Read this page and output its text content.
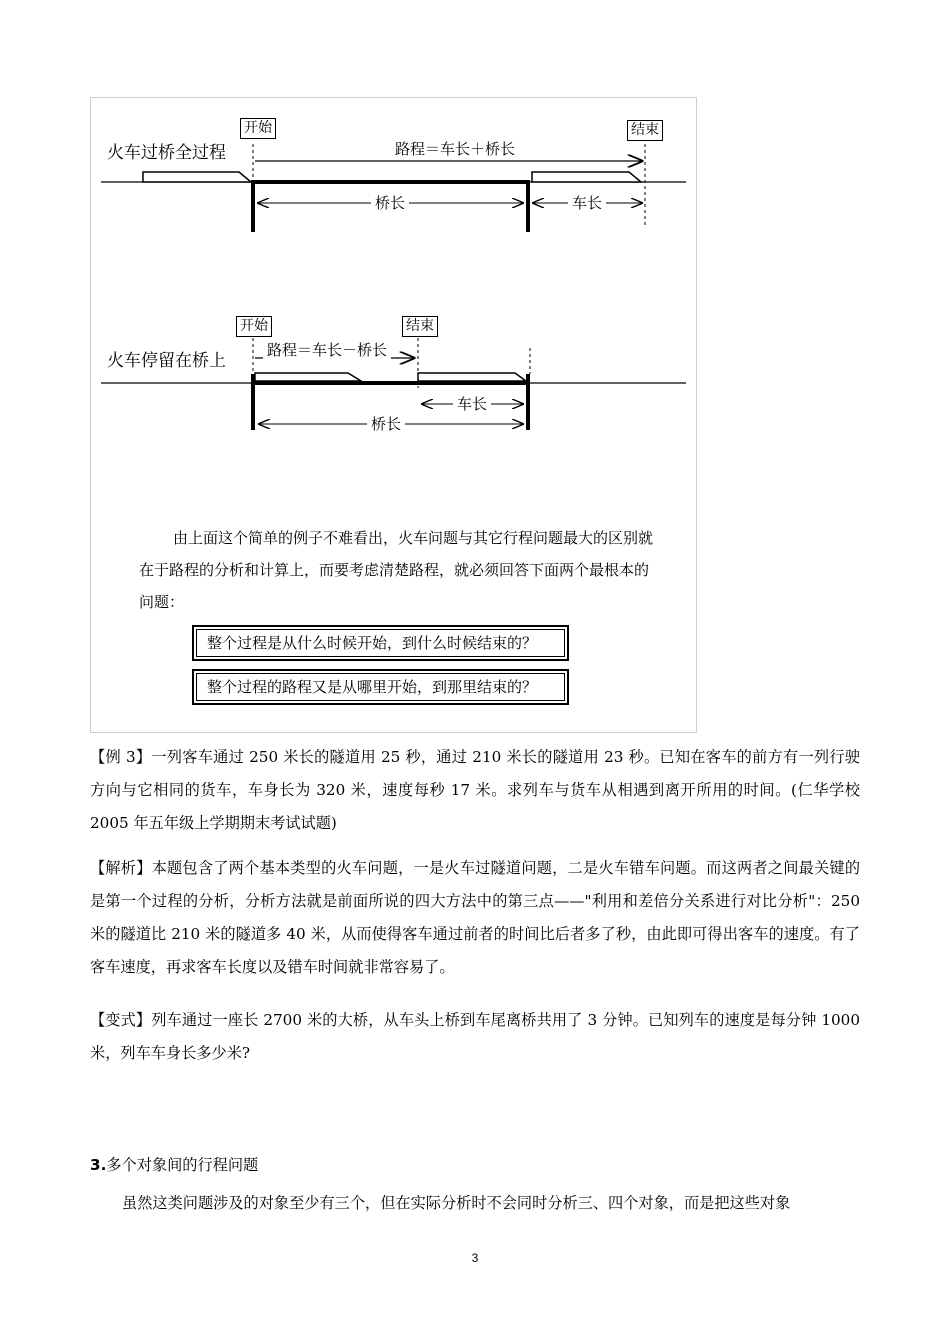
火车过桥全过程
开始	结束
路程＝车长＋桥长
桥长	车长
火车停留在桥上
开始	结束
路程＝车长－桥长
车长
桥长
由上面这个简单的例子不难看出，火车问题与其它行程问题最大的区别就
在于路程的分析和计算上，而要考虑清楚路程，就必须回答下面两个最根本的
问题：
整个过程是从什么时候开始，到什么时候结束的？
整个过程的路程又是从哪里开始，到那里结束的？

【例 3】一列客车通过 250 米长的隧道用 25 秒，通过 210 米长的隧道用 23 秒。已知在客车的前方有一列行驶方向与它相同的货车，车身长为 320 米，速度每秒 17 米。求列车与货车从相遇到离开所用的时间。(仁华学校 2005 年五年级上学期期末考试试题)

【解析】本题包含了两个基本类型的火车问题，一是火车过隧道问题，二是火车错车问题。而这两者之间最关键的是第一个过程的分析，分析方法就是前面所说的四大方法中的第三点——"利用和差倍分关系进行对比分析"：250 米的隧道比 210 米的隧道多 40 米，从而使得客车通过前者的时间比后者多了秒，由此即可得出客车的速度。有了客车速度，再求客车长度以及错车时间就非常容易了。

【变式】列车通过一座长 2700 米的大桥，从车头上桥到车尾离桥共用了 3 分钟。已知列车的速度是每分钟 1000 米，列车车身长多少米?

3.多个对象间的行程问题
虽然这类问题涉及的对象至少有三个，但在实际分析时不会同时分析三、四个对象，而是把这些对象
3
